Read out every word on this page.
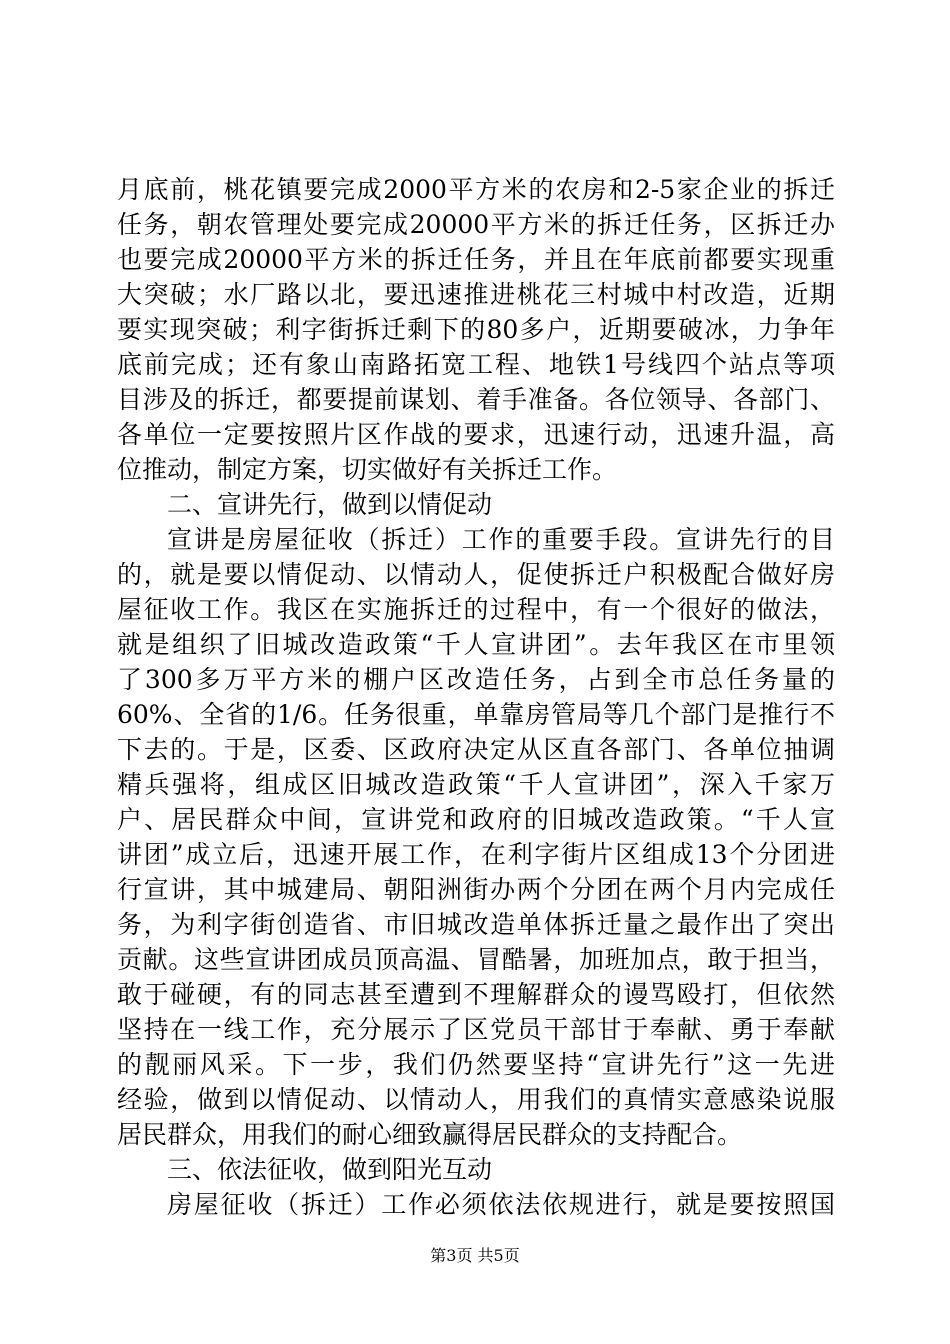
月底前，桃花镇要完成2000平方米的农房和2-5家企业的拆迁
任务，朝农管理处要完成20000平方米的拆迁任务，区拆迁办
也要完成20000平方米的拆迁任务，并且在年底前都要实现重
大突破；水厂路以北，要迅速推进桃花三村城中村改造，近期
要实现突破；利字街拆迁剩下的80多户，近期要破冰，力争年
底前完成；还有象山南路拓宽工程、地铁1号线四个站点等项
目涉及的拆迁，都要提前谋划、着手准备。各位领导、各部门、
各单位一定要按照片区作战的要求，迅速行动，迅速升温，高
位推动，制定方案，切实做好有关拆迁工作。
二、宣讲先行，做到以情促动
宣讲是房屋征收（拆迁）工作的重要手段。宣讲先行的目
的，就是要以情促动、以情动人，促使拆迁户积极配合做好房
屋征收工作。我区在实施拆迁的过程中，有一个很好的做法，
就是组织了旧城改造政策“千人宣讲团”。去年我区在市里领
了300多万平方米的棚户区改造任务，占到全市总任务量的
60%、全省的1/6。任务很重，单靠房管局等几个部门是推行不
下去的。于是，区委、区政府决定从区直各部门、各单位抽调
精兵强将，组成区旧城改造政策“千人宣讲团”，深入千家万
户、居民群众中间，宣讲党和政府的旧城改造政策。“千人宣
讲团”成立后，迅速开展工作，在利字街片区组成13个分团进
行宣讲，其中城建局、朝阳洲街办两个分团在两个月内完成任
务，为利字街创造省、市旧城改造单体拆迁量之最作出了突出
贡献。这些宣讲团成员顶高温、冒酷暑，加班加点，敢于担当，
敢于碰硬，有的同志甚至遭到不理解群众的谩骂殴打，但依然
坚持在一线工作，充分展示了区党员干部甘于奉献、勇于奉献
的靓丽风采。下一步，我们仍然要坚持“宣讲先行”这一先进
经验，做到以情促动、以情动人，用我们的真情实意感染说服
居民群众，用我们的耐心细致赢得居民群众的支持配合。
三、依法征收，做到阳光互动
房屋征收（拆迁）工作必须依法依规进行，就是要按照国
第3页 共5页
